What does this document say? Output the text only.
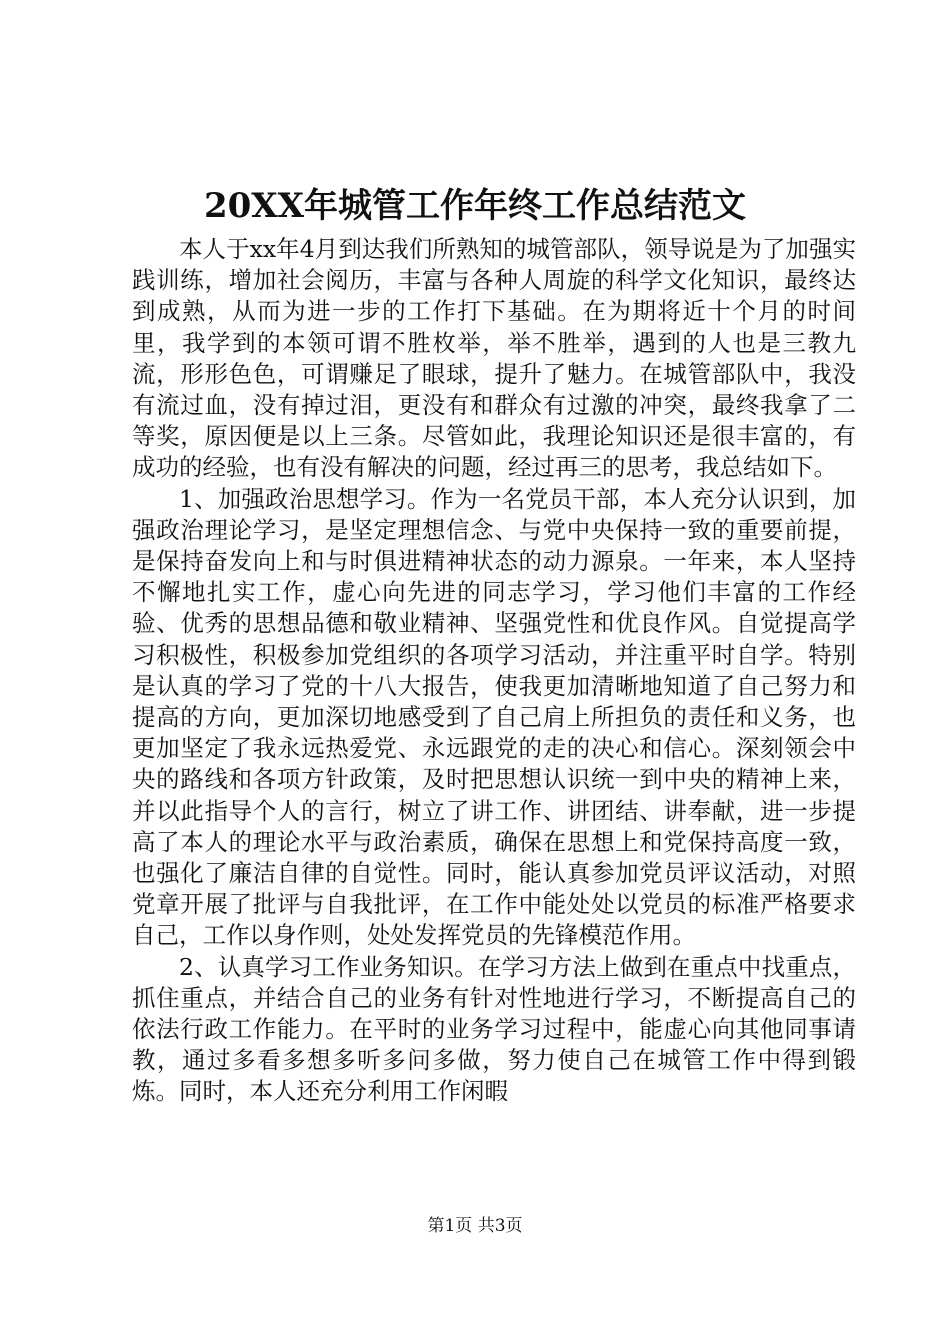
20XX年城管工作年终工作总结范文

本人于xx年4月到达我们所熟知的城管部队，领导说是为了加强实践训练，增加社会阅历，丰富与各种人周旋的科学文化知识，最终达到成熟，从而为进一步的工作打下基础。在为期将近十个月的时间里，我学到的本领可谓不胜枚举，举不胜举，遇到的人也是三教九流，形形色色，可谓赚足了眼球，提升了魅力。在城管部队中，我没有流过血，没有掉过泪，更没有和群众有过激的冲突，最终我拿了二等奖，原因便是以上三条。尽管如此，我理论知识还是很丰富的，有成功的经验，也有没有解决的问题，经过再三的思考，我总结如下。

1、加强政治思想学习。作为一名党员干部，本人充分认识到，加强政治理论学习，是坚定理想信念、与党中央保持一致的重要前提，是保持奋发向上和与时俱进精神状态的动力源泉。一年来，本人坚持不懈地扎实工作，虚心向先进的同志学习，学习他们丰富的工作经验、优秀的思想品德和敬业精神、坚强党性和优良作风。自觉提高学习积极性，积极参加党组织的各项学习活动，并注重平时自学。特别是认真的学习了党的十八大报告，使我更加清晰地知道了自己努力和提高的方向，更加深切地感受到了自己肩上所担负的责任和义务，也更加坚定了我永远热爱党、永远跟党的走的决心和信心。深刻领会中央的路线和各项方针政策，及时把思想认识统一到中央的精神上来，并以此指导个人的言行，树立了讲工作、讲团结、讲奉献，进一步提高了本人的理论水平与政治素质，确保在思想上和党保持高度一致，也强化了廉洁自律的自觉性。同时，能认真参加党员评议活动，对照党章开展了批评与自我批评，在工作中能处处以党员的标准严格要求自己，工作以身作则，处处发挥党员的先锋模范作用。

2、认真学习工作业务知识。在学习方法上做到在重点中找重点，抓住重点，并结合自己的业务有针对性地进行学习，不断提高自己的依法行政工作能力。在平时的业务学习过程中，能虚心向其他同事请教，通过多看多想多听多问多做，努力使自己在城管工作中得到锻炼。同时，本人还充分利用工作闲暇

第1页 共3页
